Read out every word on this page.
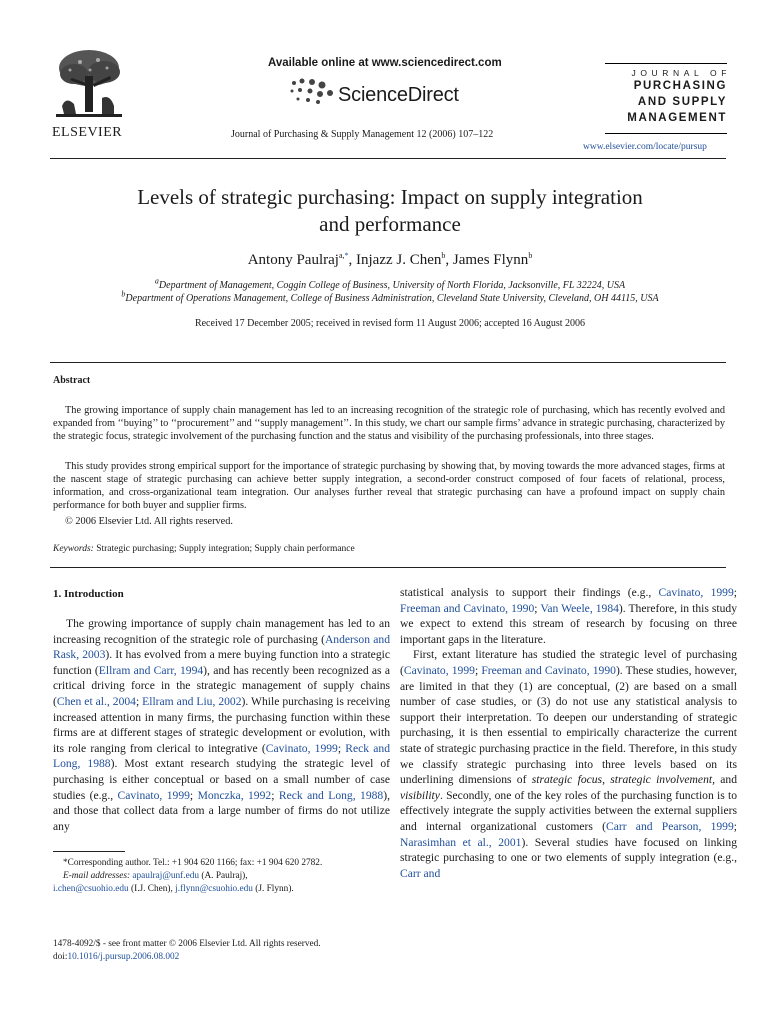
ELSEVIER
Available online at www.sciencedirect.com
ScienceDirect
Journal of Purchasing & Supply Management 12 (2006) 107–122
JOURNAL OF
PURCHASING
AND SUPPLY
MANAGEMENT
www.elsevier.com/locate/pursup
Levels of strategic purchasing: Impact on supply integration
and performance
Antony Paulraj$^{a,*}$, Injazz J. Chen$^b$, James Flynn$^b$
$^a$Department of Management, Coggin College of Business, University of North Florida, Jacksonville, FL 32224, USA
$^b$Department of Operations Management, College of Business Administration, Cleveland State University, Cleveland, OH 44115, USA
Received 17 December 2005; received in revised form 11 August 2006; accepted 16 August 2006
Abstract
The growing importance of supply chain management has led to an increasing recognition of the strategic role of purchasing, which has recently evolved and expanded from ‘‘buying’’ to ‘‘procurement’’ and ‘‘supply management’’. In this study, we chart our sample firms’ advance in strategic purchasing, characterized by the strategic focus, strategic involvement of the purchasing function and the status and visibility of the purchasing professionals, into three stages.
This study provides strong empirical support for the importance of strategic purchasing by showing that, by moving towards the more advanced stages, firms at the nascent stage of strategic purchasing can achieve better supply integration, a second-order construct composed of four facets of relational, process, information, and cross-organizational team integration. Our analyses further reveal that strategic purchasing can have a profound impact on supply chain performance for both buyer and supplier firms.
© 2006 Elsevier Ltd. All rights reserved.
Keywords: Strategic purchasing; Supply integration; Supply chain performance
1. Introduction

The growing importance of supply chain management has led to an increasing recognition of the strategic role of purchasing (Anderson and Rask, 2003). It has evolved from a mere buying function into a strategic function (Ellram and Carr, 1994), and has recently been recognized as a critical driving force in the strategic management of supply chains (Chen et al., 2004; Ellram and Liu, 2002). While purchasing is receiving increased attention in many firms, the purchasing function within these firms are at different stages of strategic development or evolution, with its role ranging from clerical to integrative (Cavinato, 1999; Reck and Long, 1988). Most extant research studying the strategic level of purchasing is either conceptual or based on a small number of case studies (e.g., Cavinato, 1999; Monczka, 1992; Reck and Long, 1988), and those that collect data from a large number of firms do not utilize any

statistical analysis to support their findings (e.g., Cavinato, 1999; Freeman and Cavinato, 1990; Van Weele, 1984). Therefore, in this study we expect to extend this stream of research by focusing on three important gaps in the literature.

First, extant literature has studied the strategic level of purchasing (Cavinato, 1999; Freeman and Cavinato, 1990). These studies, however, are limited in that they (1) are conceptual, (2) are based on a small number of case studies, or (3) do not use any statistical analysis to support their interpretation. To deepen our understanding of strategic purchasing, it is then essential to empirically characterize the current state of strategic purchasing practice in the field. Therefore, in this study we classify strategic purchasing into three levels based on its underlining dimensions of strategic focus, strategic involvement, and visibility. Secondly, one of the key roles of the purchasing function is to effectively integrate the supply activities between the external suppliers and internal organizational customers (Carr and Pearson, 1999; Narasimhan et al., 2001). Several studies have focused on linking strategic purchasing to one or two elements of supply integration (e.g., Carr and

*Corresponding author. Tel.: +1 904 620 1166; fax: +1 904 620 2782.
E-mail addresses: apaulraj@unf.edu (A. Paulraj),
i.chen@csuohio.edu (I.J. Chen), j.flynn@csuohio.edu (J. Flynn).
1478-4092/$ - see front matter © 2006 Elsevier Ltd. All rights reserved.
doi:10.1016/j.pursup.2006.08.002
